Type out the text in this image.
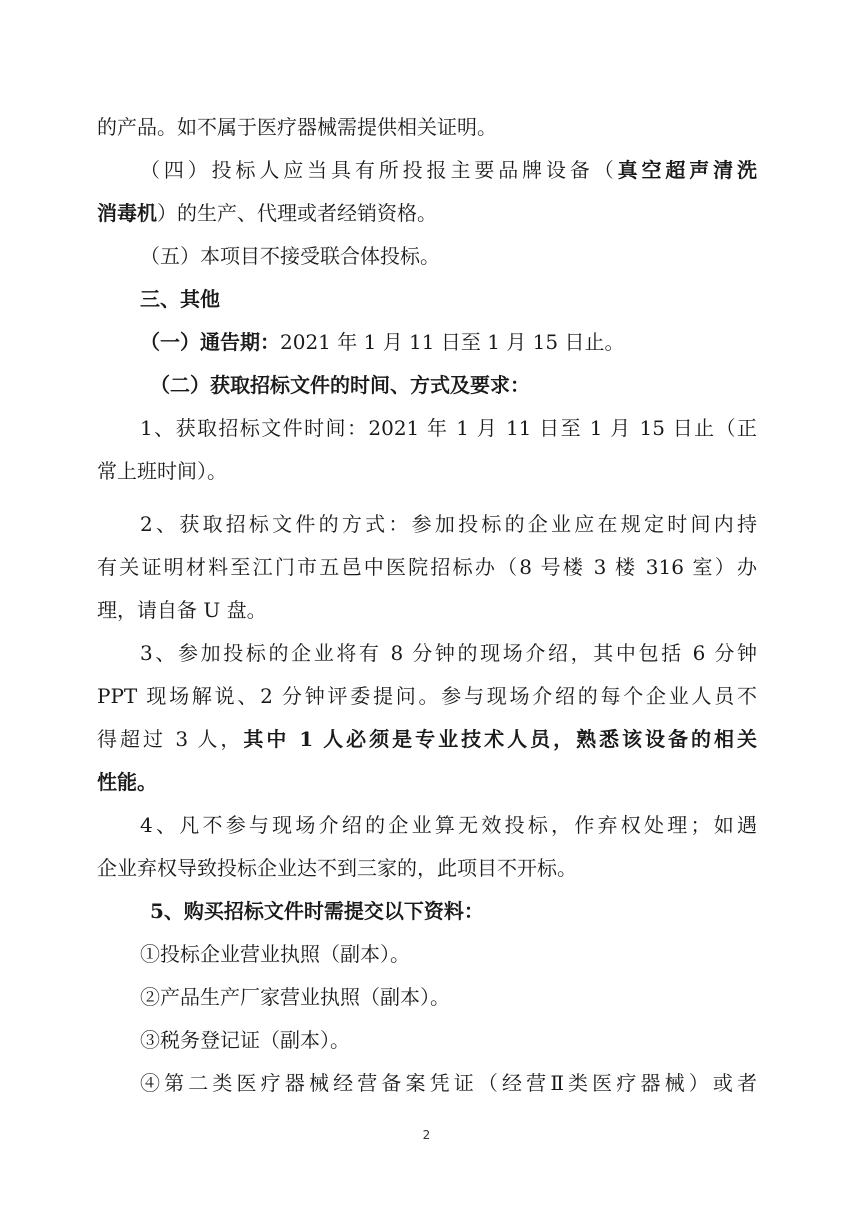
的产品。如不属于医疗器械需提供相关证明。
（四）投标人应当具有所投报主要品牌设备（真空超声清洗
消毒机）的生产、代理或者经销资格。
（五）本项目不接受联合体投标。
三、其他
（一）通告期：2021 年 1 月 11 日至 1 月 15 日止。
（二）获取招标文件的时间、方式及要求：
1、获取招标文件时间：2021 年 1 月 11 日至 1 月 15 日止（正
常上班时间）。
2、获取招标文件的方式：参加投标的企业应在规定时间内持
有关证明材料至江门市五邑中医院招标办（8 号楼 3 楼 316 室）办
理，请自备 U 盘。
3、参加投标的企业将有 8 分钟的现场介绍，其中包括 6 分钟
PPT 现场解说、2 分钟评委提问。参与现场介绍的每个企业人员不
得超过 3 人，其中 1 人必须是专业技术人员，熟悉该设备的相关
性能。
4、凡不参与现场介绍的企业算无效投标，作弃权处理；如遇
企业弃权导致投标企业达不到三家的，此项目不开标。
5、购买招标文件时需提交以下资料：
①投标企业营业执照（副本）。
②产品生产厂家营业执照（副本）。
③税务登记证（副本）。
④第二类医疗器械经营备案凭证（经营Ⅱ类医疗器械）或者
2
